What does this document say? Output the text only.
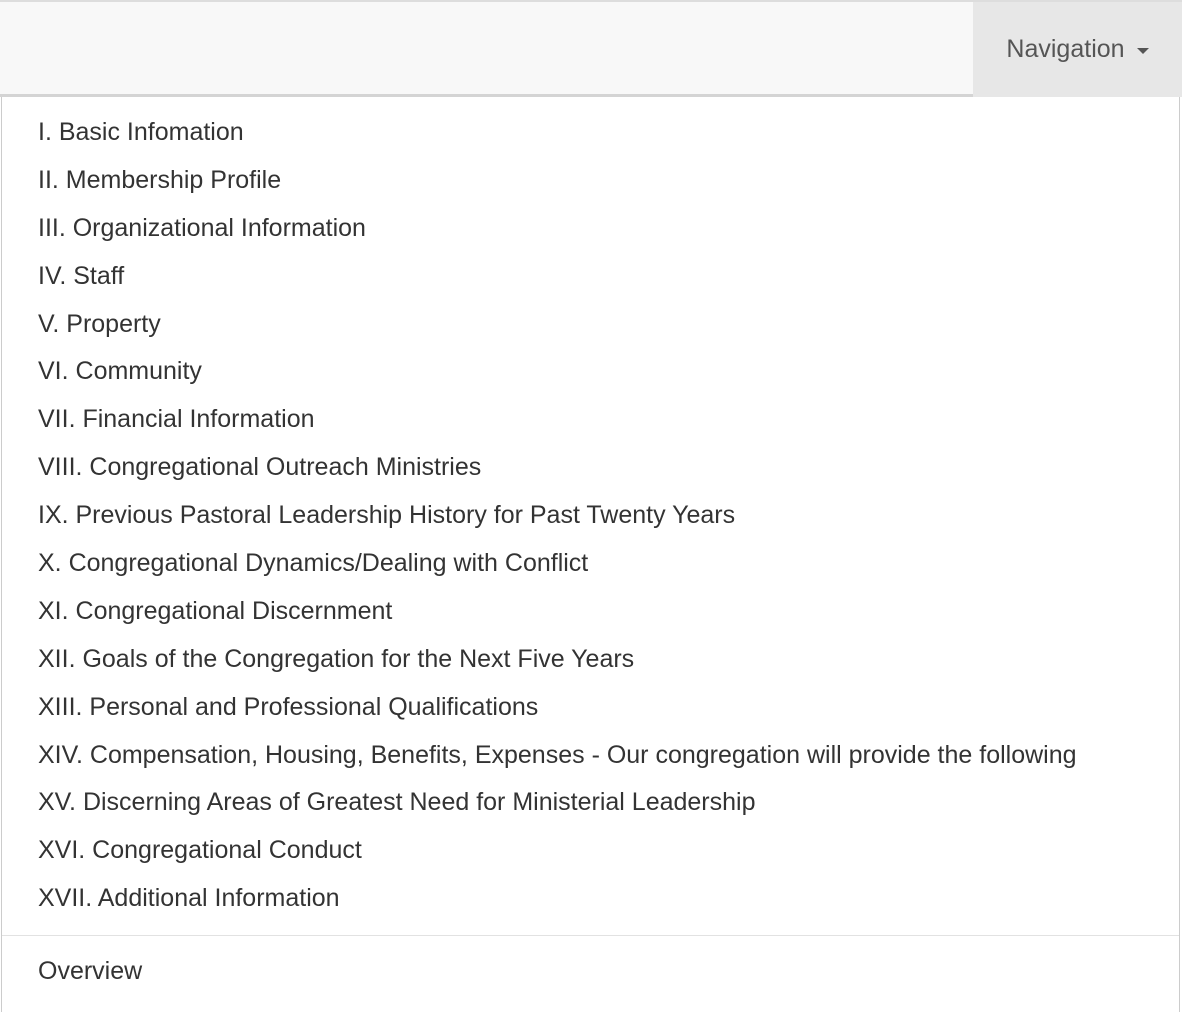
Navigation
I. Basic Infomation
II. Membership Profile
III. Organizational Information
IV. Staff
V. Property
VI. Community
VII. Financial Information
VIII. Congregational Outreach Ministries
IX. Previous Pastoral Leadership History for Past Twenty Years
X. Congregational Dynamics/Dealing with Conflict
XI. Congregational Discernment
XII. Goals of the Congregation for the Next Five Years
XIII. Personal and Professional Qualifications
XIV. Compensation, Housing, Benefits, Expenses - Our congregation will provide the following
XV. Discerning Areas of Greatest Need for Ministerial Leadership
XVI. Congregational Conduct
XVII. Additional Information
Overview
